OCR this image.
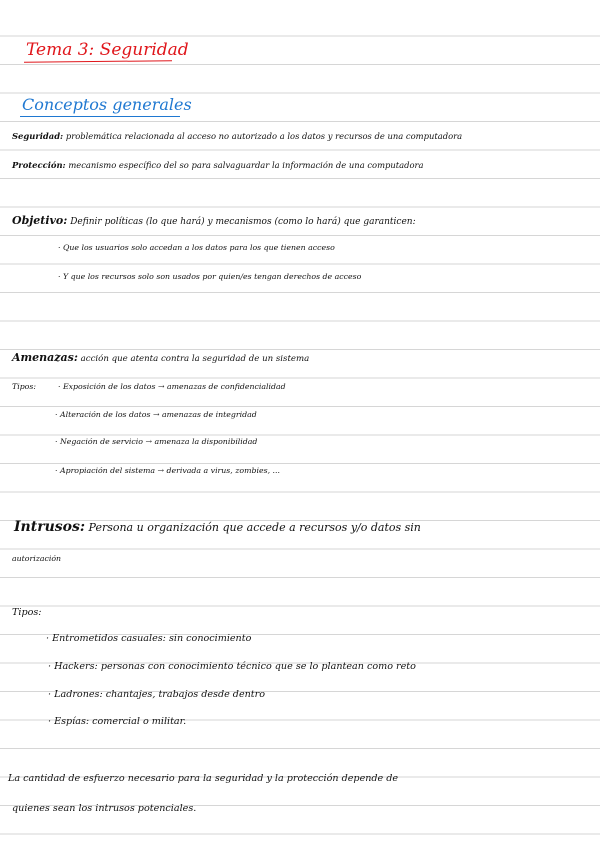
Tema 3: Seguridad
Conceptos generales
Seguridad: problemática relacionada al acceso no autorizado a los datos y recursos de una computadora
Protección: mecanismo específico del so para salvaguardar la información de una computadora
Objetivo: Definir políticas (lo que hará) y mecanismos (como lo hará) que garanticen:
· Que los usuarios solo accedan a los datos para los que tienen acceso
· Y que los recursos solo son usados por quien/es tengan derechos de acceso
Amenazas: acción que atenta contra la seguridad de un sistema
Tipos:	· Exposición de los datos → amenazas de confidencialidad
· Alteración de los datos → amenazas de integridad
· Negación de servicio → amenaza la disponibilidad
· Apropiación del sistema → derivada a virus, zombies, ...
Intrusos: Persona u organización que accede a recursos y/o datos sin
autorización
Tipos:
· Entrometidos casuales: sin conocimiento
· Hackers: personas con conocimiento técnico que se lo plantean como reto
· Ladrones: chantajes, trabajos desde dentro
· Espías: comercial o militar.
La cantidad de esfuerzo necesario para la seguridad y la protección depende de
quienes sean los intrusos potenciales.
